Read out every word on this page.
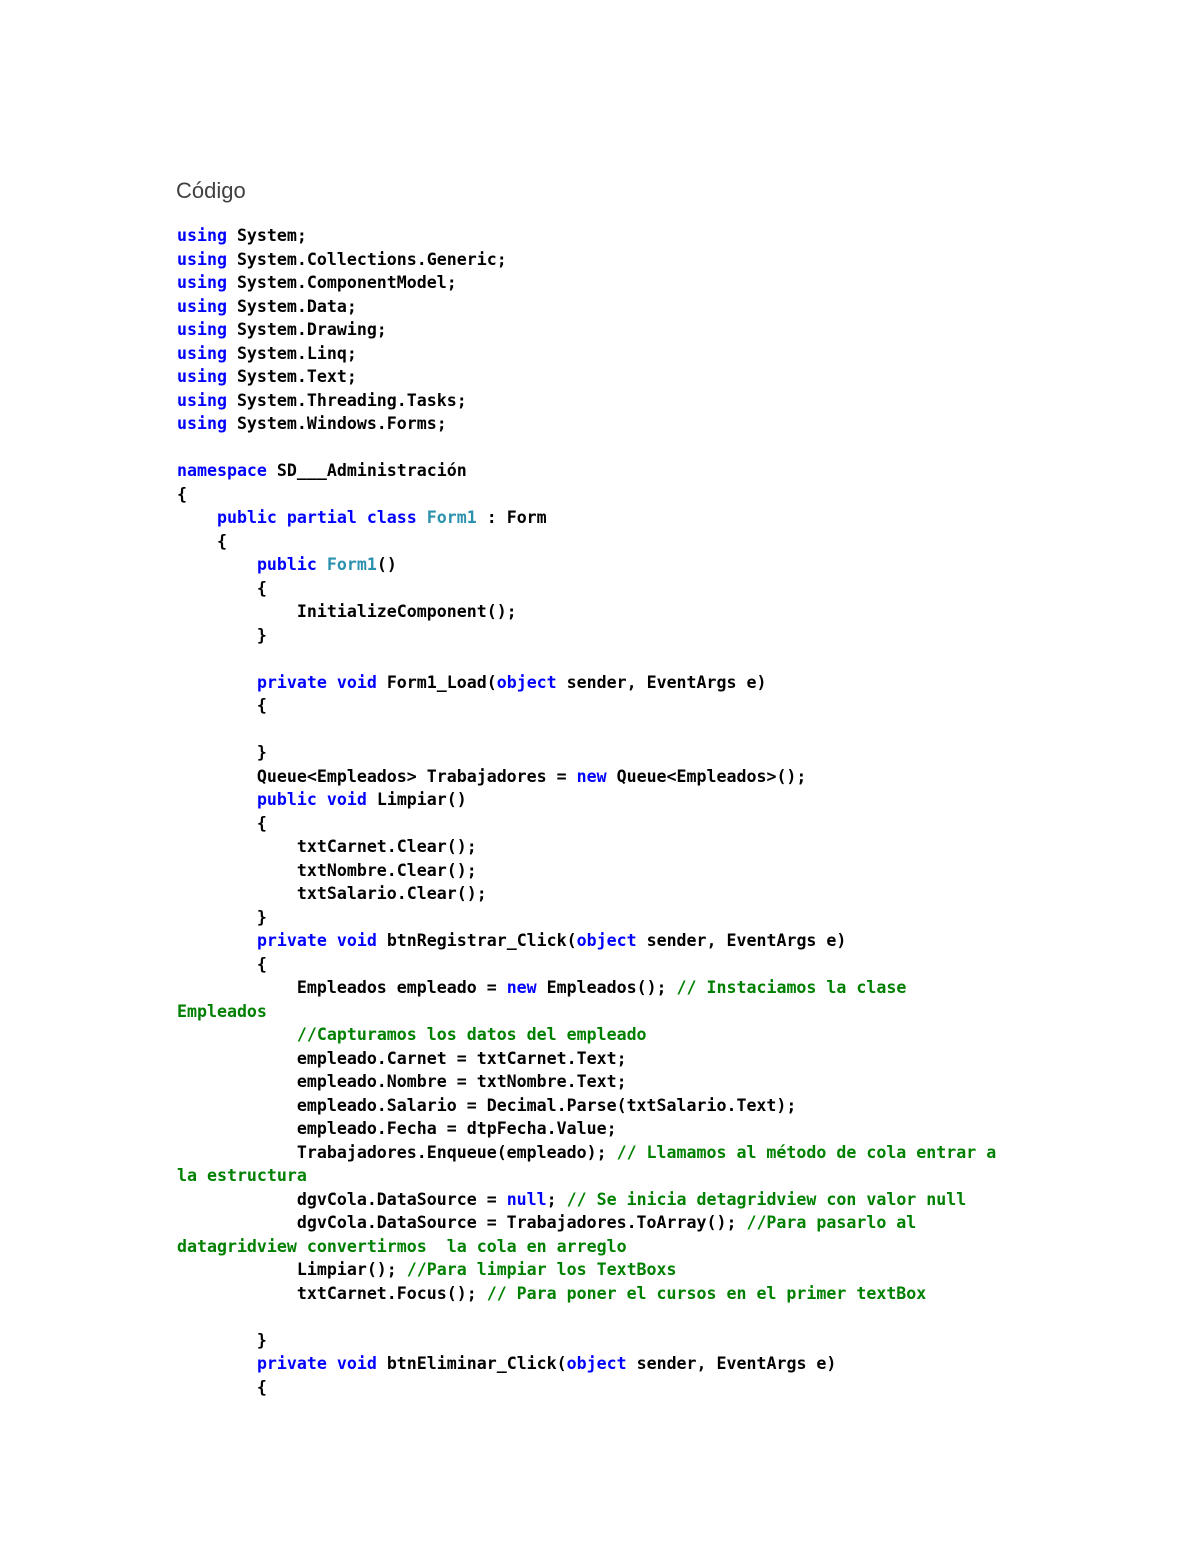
Código
using System;
using System.Collections.Generic;
using System.ComponentModel;
using System.Data;
using System.Drawing;
using System.Linq;
using System.Text;
using System.Threading.Tasks;
using System.Windows.Forms;
namespace SD___Administración
{
public partial class Form1 : Form
{
public Form1()
{
InitializeComponent();
}
private void Form1_Load(object sender, EventArgs e)
{
}
Queue<Empleados> Trabajadores = new Queue<Empleados>();
public void Limpiar()
{
txtCarnet.Clear();
txtNombre.Clear();
txtSalario.Clear();
}
private void btnRegistrar_Click(object sender, EventArgs e)
{
Empleados empleado = new Empleados(); // Instaciamos la clase
Empleados
//Capturamos los datos del empleado
empleado.Carnet = txtCarnet.Text;
empleado.Nombre = txtNombre.Text;
empleado.Salario = Decimal.Parse(txtSalario.Text);
empleado.Fecha = dtpFecha.Value;
Trabajadores.Enqueue(empleado); // Llamamos al método de cola entrar a
la estructura
dgvCola.DataSource = null; // Se inicia detagridview con valor null
dgvCola.DataSource = Trabajadores.ToArray(); //Para pasarlo al
datagridview convertirmos  la cola en arreglo
Limpiar(); //Para limpiar los TextBoxs
txtCarnet.Focus(); // Para poner el cursos en el primer textBox
}
private void btnEliminar_Click(object sender, EventArgs e)
{
